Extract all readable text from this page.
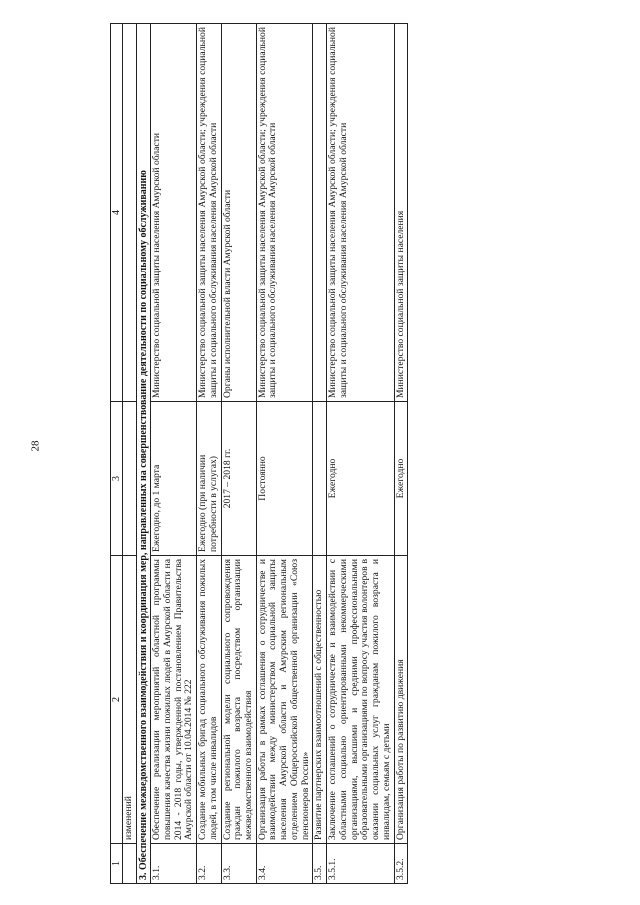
28
1	2	3	4
	изменений		
3. Обеспечение межведомственного взаимодействия и координация мер, направленных на совершенствование деятельности по социальному обслуживанию			
3.1.	Обеспечение реализации мероприятий областной программы повышения качества жизни пожилых людей в Амурской области на 2014 - 2018 годы, утвержденной постановлением Правительства Амурской области от 10.04.2014 № 222	Ежегодно, до 1 марта	Министерство социальной защиты населения Амурской области
3.2.	Создание мобильных бригад социального обслуживания пожилых людей, в том числе инвалидов	Ежегодно (при наличии потребности в услугах)	Министерство социальной защиты населения Амурской области; учреждения социальной защиты и социального обслуживания населения Амурской области
3.3.	Создание региональной модели социального сопровождения граждан пожилого возраста посредством организации межведомственного взаимодействия	2017 – 2018 гг.	Органы исполнительной власти Амурской области
3.4.	Организация работы в рамках соглашения о сотрудничестве и взаимодействии между министерством социальной защиты населения Амурской области и Амурским региональным отделением Общероссийской общественной организации «Союз пенсионеров России»	Постоянно	Министерство социальной защиты населения Амурской области; учреждения социальной защиты и социального обслуживания населения Амурской области
3.5.	Развитие партнерских взаимоотношений с общественностью		
3.5.1.	Заключение соглашений о сотрудничестве и взаимодействии с областными социально ориентированными некоммерческими организациями, высшими и средними профессиональными образовательными организациями по вопросу участия волонтеров в оказании социальных услуг гражданам пожилого возраста и инвалидам, семьям с детьми	Ежегодно	Министерство социальной защиты населения Амурской области; учреждения социальной защиты и социального обслуживания населения Амурской области
3.5.2.	Организация работы по развитию движения	Ежегодно	Министерство социальной защиты населения
